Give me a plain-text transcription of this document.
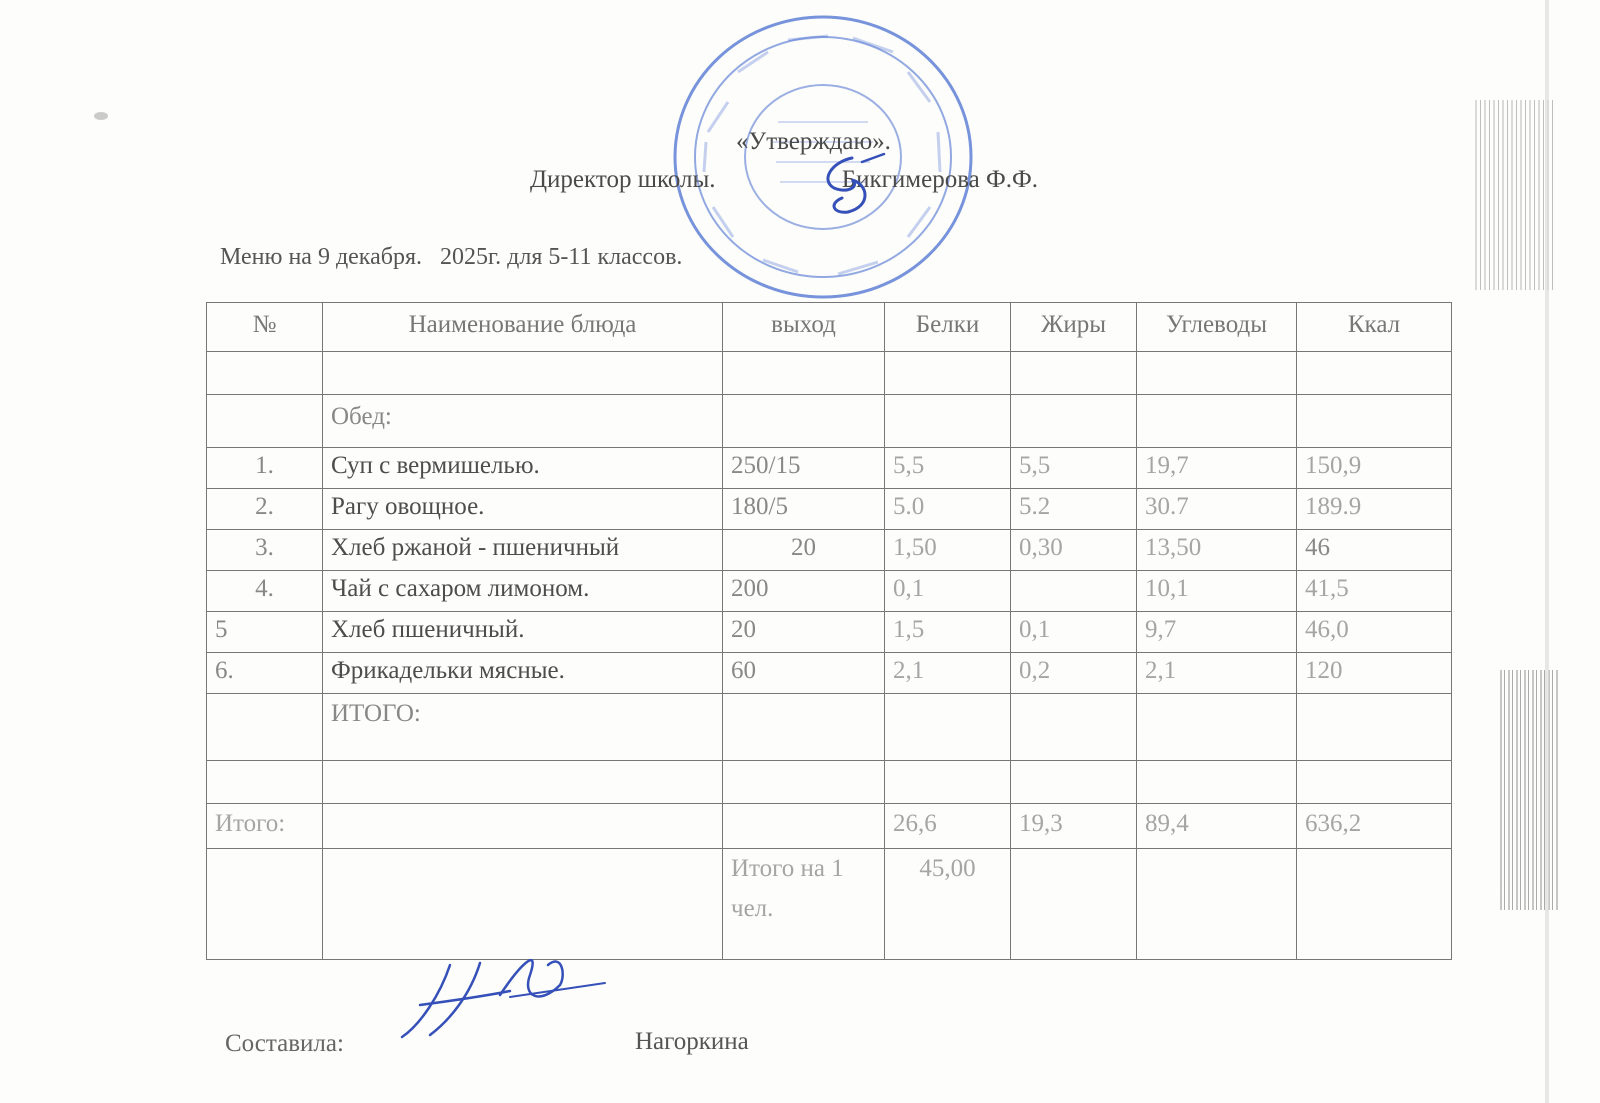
«Утверждаю».
Директор школы.	Бикгимерова Ф.Ф.
Меню на 9 декабря. 2025г. для 5-11 классов.
№	Наименование блюда	выход	Белки	Жиры	Углеводы	Ккал

	Обед:					
1.	Суп с вермишелью.	250/15	5,5	5,5	19,7	150,9
2.	Рагу овощное.	180/5	5.0	5.2	30.7	189.9
3.	Хлеб ржаной - пшеничный	20	1,50	0,30	13,50	46
4.	Чай с сахаром лимоном.	200	0,1		10,1	41,5
5	Хлеб пшеничный.	20	1,5	0,1	9,7	46,0
6.	Фрикадельки мясные.	60	2,1	0,2	2,1	120
	ИТОГО:					

Итого:			26,6	19,3	89,4	636,2
		Итого на 1 чел.	45,00			
Составила:	Нагоркина
